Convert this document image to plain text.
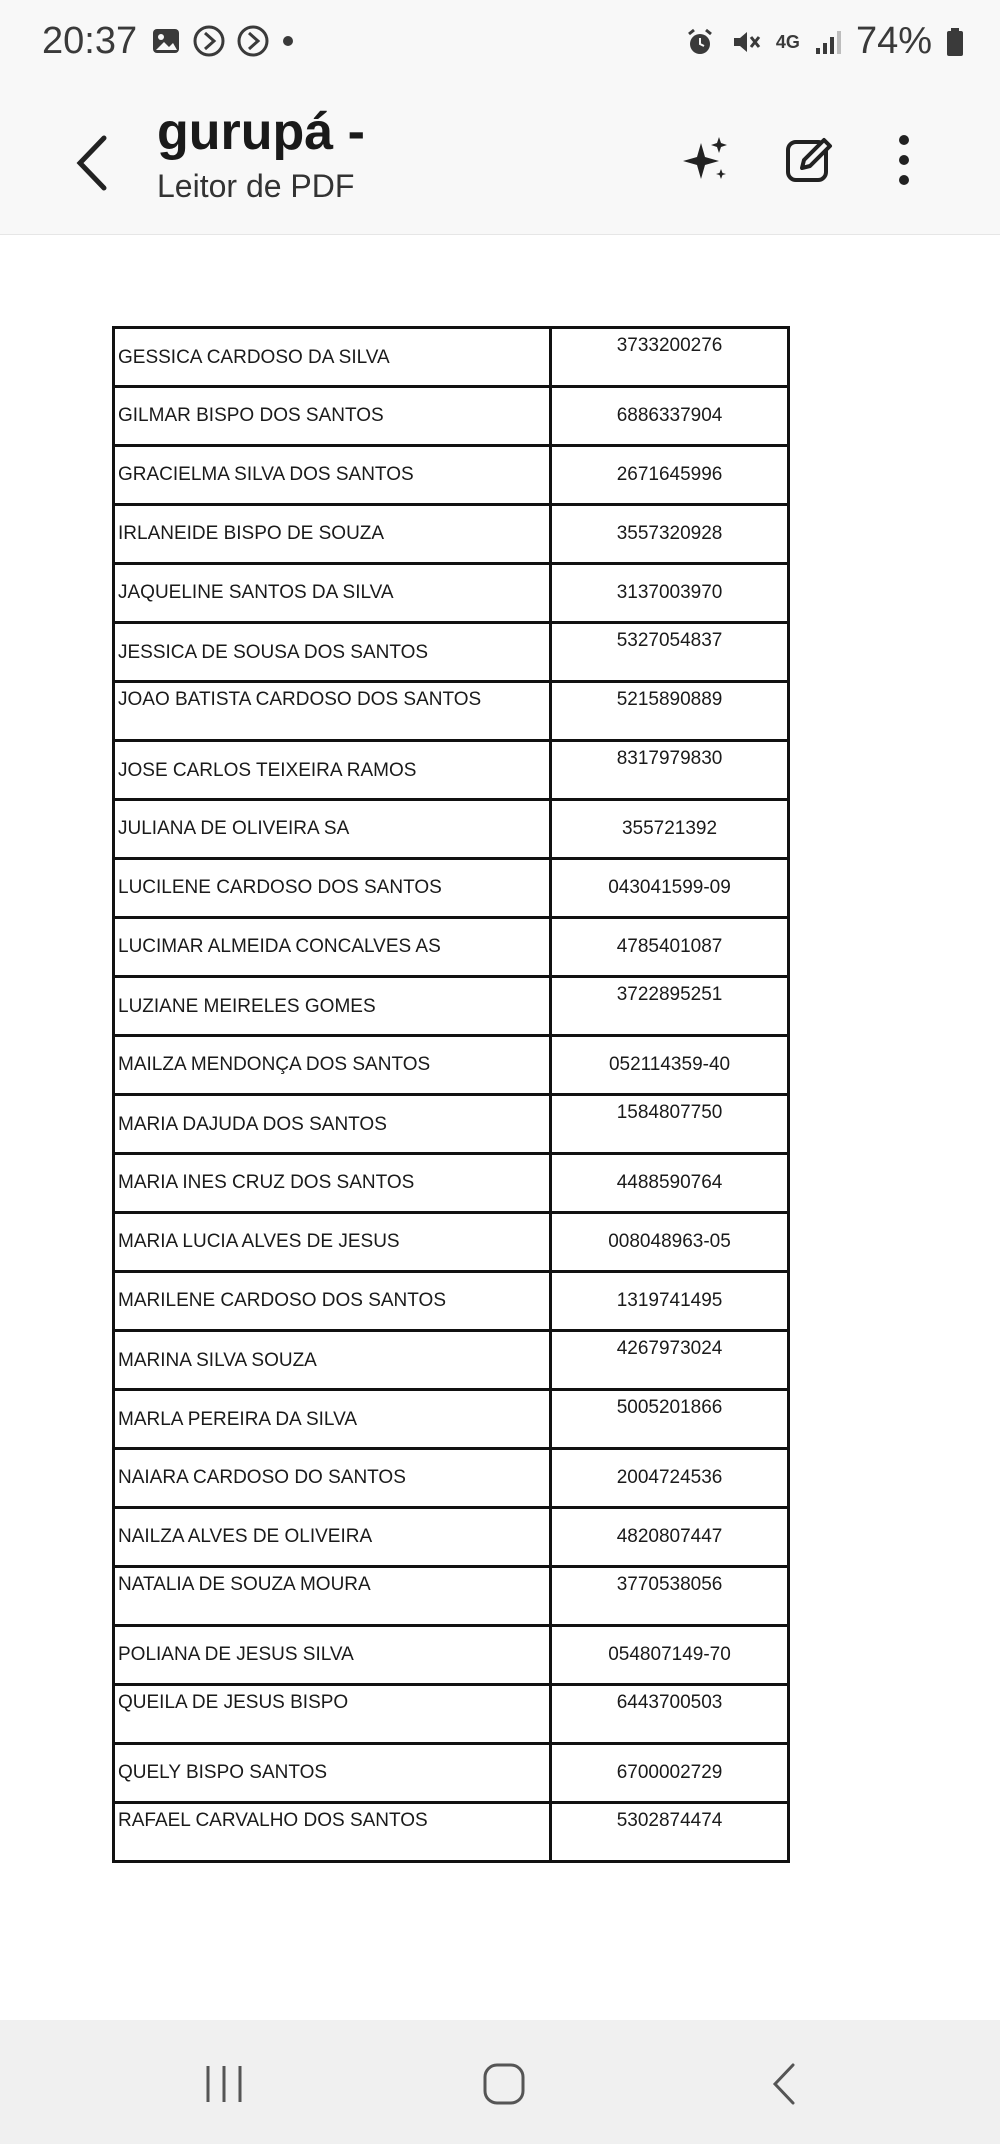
20:37	4G 74%
gurupá -
Leitor de PDF
GESSICA CARDOSO DA SILVA	3733200276

GILMAR BISPO DOS SANTOS	6886337904

GRACIELMA SILVA DOS SANTOS	2671645996

IRLANEIDE BISPO DE SOUZA	3557320928

JAQUELINE SANTOS DA SILVA	3137003970

JESSICA DE SOUSA DOS SANTOS	5327054837

JOAO BATISTA CARDOSO DOS SANTOS	5215890889

JOSE CARLOS TEIXEIRA RAMOS	8317979830

JULIANA DE OLIVEIRA SA	355721392

LUCILENE CARDOSO DOS SANTOS	043041599-09

LUCIMAR ALMEIDA CONCALVES AS	4785401087

LUZIANE MEIRELES GOMES	3722895251

MAILZA MENDONÇA DOS SANTOS	052114359-40

MARIA DAJUDA DOS SANTOS	1584807750

MARIA INES CRUZ DOS SANTOS	4488590764

MARIA LUCIA ALVES DE JESUS	008048963-05

MARILENE CARDOSO DOS SANTOS	1319741495

MARINA SILVA SOUZA	4267973024

MARLA PEREIRA DA SILVA	5005201866

NAIARA CARDOSO DO SANTOS	2004724536

NAILZA ALVES DE OLIVEIRA	4820807447

NATALIA DE SOUZA MOURA	3770538056

POLIANA DE JESUS SILVA	054807149-70

QUEILA DE JESUS BISPO	6443700503

QUELY BISPO SANTOS	6700002729

RAFAEL CARVALHO DOS SANTOS	5302874474
